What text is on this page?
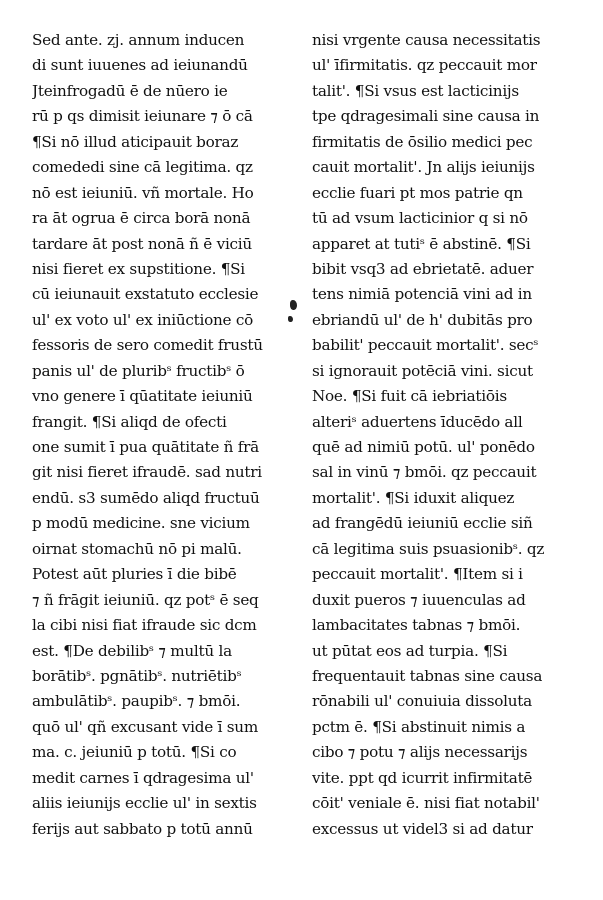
Sed ante. zj. annum inducen
di sunt iuuenes ad ieiunandū
Jteinfrogadū ē de nūero ie
rū p qs dimisit ieiunare ⁊ ō cā
¶Si nō illud aticipauit boraz
comededi sine cā legitima. qz
nō est ieiuniū. vñ mortale. Ho
ra āt ogrua ē circa borā nonā
tardare āt post nonā ñ ē viciū
nisi fieret ex supstitione. ¶Si
cū ieiunauit exstatuto ecclesie
ul' ex voto ul' ex iniūctione cō
fessoris de sero comedit frustū
panis ul' de pluribˢ fructibˢ ō
vno genere ī qūatitate ieiuniū
frangit. ¶Si aliqd de ofecti
one sumit ī pua quātitate ñ frā
git nisi fieret ifraudē. sad nutri
endū. s3 sumēdo aliqd fructuū
p modū medicine. sne vicium
oirnat stomachū nō pi malū.
Potest aūt pluries ī die bibē
⁊ ñ frāgit ieiuniū. qz potˢ ē seq
la cibi nisi fiat ifraude sic dcm
est. ¶De debilibˢ ⁊ multū la
borātibˢ. pgnātibˢ. nutriētibˢ
ambulātibˢ. paupibˢ. ⁊ bmōi.
quō ul' qñ excusant vide ī sum
ma. c. jeiuniū p totū. ¶Si co
medit carnes ī qdragesima ul'
aliis ieiunijs ecclie ul' in sextis
ferijs aut sabbato p totū annū
nisi vrgente causa necessitatis
ul' īfirmitatis. qz peccauit mor
talit'. ¶Si vsus est lacticinijs
tpe qdragesimali sine causa in
firmitatis de ōsilio medici pec
cauit mortalit'. Jn alijs ieiunijs
ecclie fuari pt mos patrie qn
tū ad vsum lacticinior q si nō
apparet at tutiˢ ē abstinē. ¶Si
bibit vsq3 ad ebrietatē. aduer
tens nimiā potenciā vini ad in
ebriandū ul' de h' dubitās pro
babilit' peccauit mortalit'. secˢ
si ignorauit potēciā vini. sicut
Noe. ¶Si fuit cā iebriatiōis
alteriˢ aduertens īducēdo all
quē ad nimiū potū. ul' ponēdo
sal in vinū ⁊ bmōi. qz peccauit
mortalit'. ¶Si iduxit aliquez
ad frangēdū ieiuniū ecclie siñ
cā legitima suis psuasionibˢ. qz
peccauit mortalit'. ¶Item si i
duxit pueros ⁊ iuuenculas ad
lambacitates tabnas ⁊ bmōi.
ut pūtat eos ad turpia. ¶Si
frequentauit tabnas sine causa
rōnabili ul' conuiuia dissoluta
pctm ē. ¶Si abstinuit nimis a
cibo ⁊ potu ⁊ alijs necessarijs
vite. ppt qd icurrit infirmitatē
cōit' veniale ē. nisi fiat notabil'
excessus ut videl3 si ad datur
